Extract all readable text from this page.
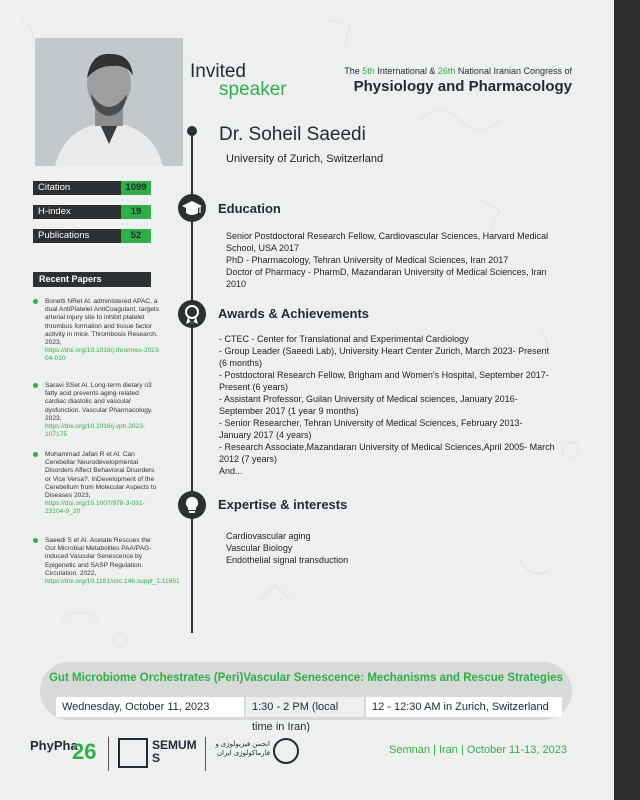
Invited
speaker
The 5th International & 26th National Iranian Congress of
Physiology and Pharmacology
Dr. Soheil Saeedi
University of Zurich, Switzerland
Citation	1099
H-index	19
Publications	52
Recent Papers
Bonetti NRet Al. administered APAC, a dual AntiPlatelet AntiCoagulant, targets arterial injury site to inhibit platelet thrombus formation and tissue factor activity in mice. Thrombosis Research. 2023,
https://doi.org/10.1016/j.thromres-2023-04-010
Saravi SSet Al. Long-term dietary n3 fatty acid prevents aging-related cardiac diastolic and vascular dysfunction. Vascular Pharmacology. 2023,
https://doi.org/10.1016/j.vph.2023-107175
Mohammad Jafari R et Al. Can Cerebellar Neurodevelopmental Disorders Affect Behavioral Disorders or Vice Versa?. InDevelopment of the Cerebellum from Molecular Aspects to Diseases 2023,
https://doi.org/10.1007/978-3-031-23104-9_20
Saeedi S et Al. Acetate Rescues the Gut Microbial Metabolites PAA/PAG-induced Vascular Senescence by Epigenetic and SASP Regulation. Circulation. 2022,
https://doi.org/10.1161/circ.146.suppl_1.11851
Education
Senior Postdoctoral Research Fellow, Cardiovascular Sciences, Harvard Medical
School, USA 2017
PhD - Pharmacology, Tehran University of Medical Sciences, Iran 2017
Doctor of Pharmacy - PharmD, Mazandaran University of Medical Sciences, Iran
2010
Awards & Achievements
- CTEC - Center for Translational and Experimental Cardiology
- Group Leader (Saeedi Lab), University Heart Center Zurich, March 2023- Present
(6 months)
- Postdoctoral Research Fellow, Brigham and Women's Hospital, September 2017-
Present (6 years)
- Assistant Professor, Guilan University of Medical sciences, January 2016-
September 2017 (1 year 9 months)
- Senior Researcher, Tehran University of Medical Sciences, February 2013-
January 2017 (4 years)
- Research Associate,Mazandaran University of Medical Sciences,April 2005- March
2012 (7 years)
And...
Expertise & interests
Cardiovascular aging
Vascular Biology
Endothelial signal transduction
Gut Microbiome Orchestrates (Peri)Vascular Senescence: Mechanisms and Rescue Strategies
Wednesday, October 11, 2023	1:30 - 2 PM (local time in Iran)
12 - 12:30 AM in Zurich, Switzerland
PhyPha
26	SEMUMS
انجمن فیزیولوژی و فارماکولوژی ایران	Semnan | Iran | October 11-13, 2023
